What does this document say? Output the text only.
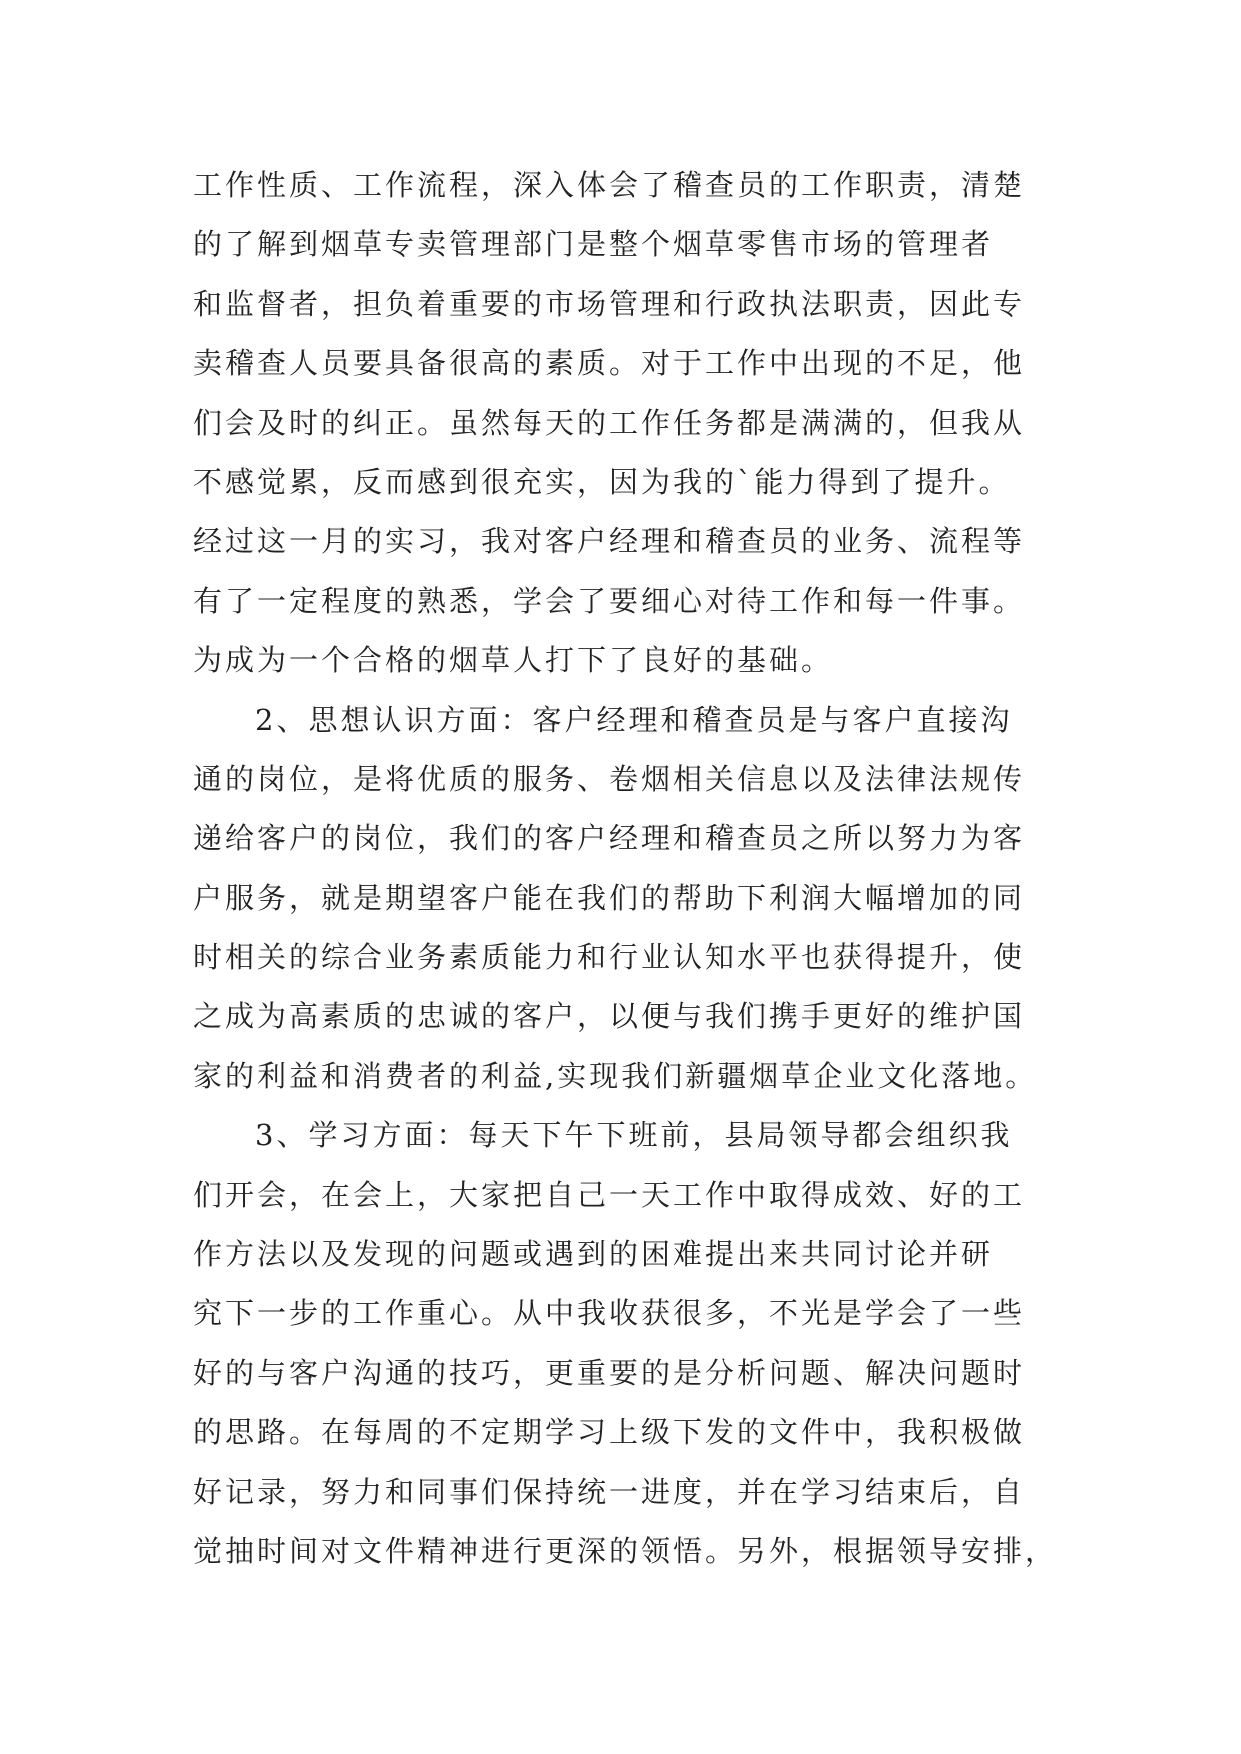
工作性质、工作流程，深入体会了稽查员的工作职责，清楚
的了解到烟草专卖管理部门是整个烟草零售市场的管理者
和监督者，担负着重要的市场管理和行政执法职责，因此专
卖稽查人员要具备很高的素质。对于工作中出现的不足，他
们会及时的纠正。虽然每天的工作任务都是满满的，但我从
不感觉累，反而感到很充实，因为我的`能力得到了提升。
经过这一月的实习，我对客户经理和稽查员的业务、流程等
有了一定程度的熟悉，学会了要细心对待工作和每一件事。
为成为一个合格的烟草人打下了良好的基础。
2、思想认识方面：客户经理和稽查员是与客户直接沟
通的岗位，是将优质的服务、卷烟相关信息以及法律法规传
递给客户的岗位，我们的客户经理和稽查员之所以努力为客
户服务，就是期望客户能在我们的帮助下利润大幅增加的同
时相关的综合业务素质能力和行业认知水平也获得提升，使
之成为高素质的忠诚的客户，以便与我们携手更好的维护国
家的利益和消费者的利益,实现我们新疆烟草企业文化落地。
3、学习方面：每天下午下班前，县局领导都会组织我
们开会，在会上，大家把自己一天工作中取得成效、好的工
作方法以及发现的问题或遇到的困难提出来共同讨论并研
究下一步的工作重心。从中我收获很多，不光是学会了一些
好的与客户沟通的技巧，更重要的是分析问题、解决问题时
的思路。在每周的不定期学习上级下发的文件中，我积极做
好记录，努力和同事们保持统一进度，并在学习结束后，自
觉抽时间对文件精神进行更深的领悟。另外，根据领导安排，
